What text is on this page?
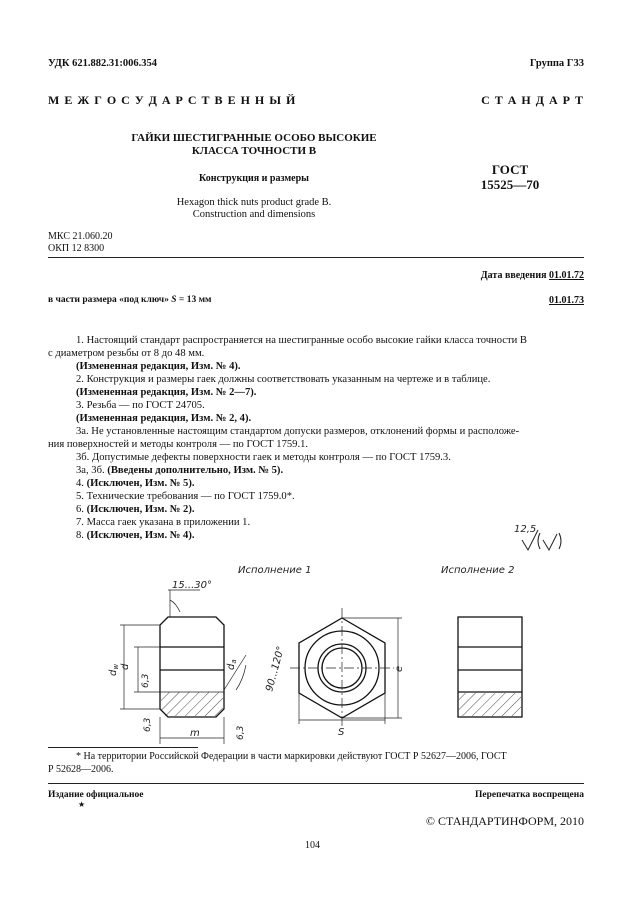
УДК 621.882.31:006.354	Группа Г33
М Е Ж Г О С У Д А Р С Т В Е Н Н Ы Й	С Т А Н Д А Р Т
ГАЙКИ ШЕСТИГРАННЫЕ ОСОБО ВЫСОКИЕ
КЛАССА ТОЧНОСТИ В
Конструкция и размеры
Hexagon thick nuts product grade B.
Construction and dimensions
ГОСТ
15525—70
МКС 21.060.20
ОКП 12 8300
Дата введения 01.01.72
в части размера «под ключ» S = 13 мм	01.01.73
1. Настоящий стандарт распространяется на шестигранные особо высокие гайки класса точности В
с диаметром резьбы от 8 до 48 мм.
(Измененная редакция, Изм. № 4).
2. Конструкция и размеры гаек должны соответствовать указанным на чертеже и в таблице.
(Измененная редакция, Изм. № 2—7).
3. Резьба — по ГОСТ 24705.
(Измененная редакция, Изм. № 2, 4).
3а. Не установленные настоящим стандартом допуски размеров, отклонений формы и расположе-
ния поверхностей и методы контроля — по ГОСТ 1759.1.
3б. Допустимые дефекты поверхности гаек и методы контроля — по ГОСТ 1759.3.
3а, 3б. (Введены дополнительно, Изм. № 5).
4. (Исключен, Изм. № 5).
5. Технические требования — по ГОСТ 1759.0*.
6. (Исключен, Изм. № 2).
7. Масса гаек указана в приложении 1.
8. (Исключен, Изм. № 4).
12,5
Исполнение 1	Исполнение 2
15...30°
$d_w$ d
6,3
6,3
6,3
$d_a$	90...120°
m	S
e
* На территории Российской Федерации в части маркировки действуют ГОСТ Р 52627—2006, ГОСТ
Р 52628—2006.
Издание официальное	Перепечатка воспрещена
★
© СТАНДАРТИНФОРМ, 2010
104
